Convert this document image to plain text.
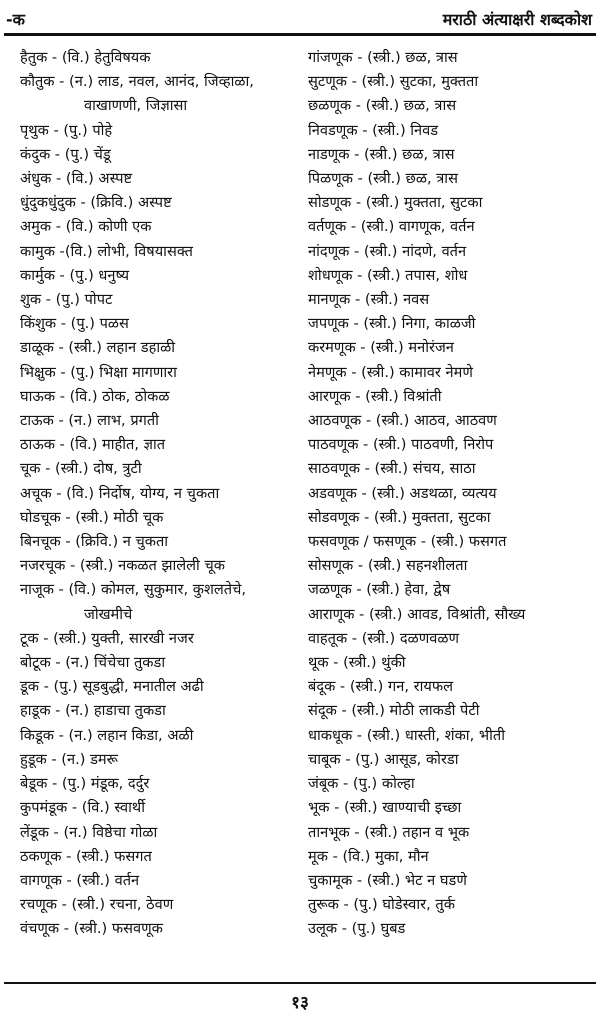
-क	मराठी अंत्याक्षरी शब्दकोश

हैतुक - (वि.) हेतुविषयक

कौतुक - (न.) लाड, नवल, आनंद, जिव्हाळा,
वाखाणणी, जिज्ञासा

पृथुक - (पु.) पोहे

कंदुक - (पु.) चेंडू

अंधुक - (वि.) अस्पष्ट

धुंदुकधुंदुक - (क्रिवि.) अस्पष्ट

अमुक - (वि.) कोणी एक

कामुक -(वि.) लोभी, विषयासक्त

कार्मुक - (पु.) धनुष्य

शुक - (पु.) पोपट

किंशुक - (पु.) पळस

डाळूक - (स्त्री.) लहान डहाळी

भिक्षुक - (पु.) भिक्षा मागणारा

घाऊक - (वि.) ठोक, ठोकळ

टाऊक - (न.) लाभ, प्रगती

ठाऊक - (वि.) माहीत, ज्ञात

चूक - (स्त्री.) दोष, त्रुटी

अचूक - (वि.) निर्दोष, योग्य, न चुकता

घोडचूक - (स्त्री.) मोठी चूक

बिनचूक - (क्रिवि.) न चुकता

नजरचूक - (स्त्री.) नकळत झालेली चूक

नाजूक - (वि.) कोमल, सुकुमार, कुशलतेचे,
जोखमीचे

टूक - (स्त्री.) युक्ती, सारखी नजर

बोटूक - (न.) चिंचेचा तुकडा

डूक - (पु.) सूडबुद्धी, मनातील अढी

हाडूक - (न.) हाडाचा तुकडा

किडूक - (न.) लहान किडा, अळी

हुडूक - (न.) डमरू

बेडूक - (पु.) मंडूक, दर्दुर

कुपमंडूक - (वि.) स्वार्थी

लेंडूक - (न.) विष्ठेचा गोळा

ठकणूक - (स्त्री.) फसगत

वागणूक - (स्त्री.) वर्तन

रचणूक - (स्त्री.) रचना, ठेवण

वंचणूक - (स्त्री.) फसवणूक

गांजणूक - (स्त्री.) छळ, त्रास

सुटणूक - (स्त्री.) सुटका, मुक्तता

छळणूक - (स्त्री.) छळ, त्रास

निवडणूक - (स्त्री.) निवड

नाडणूक - (स्त्री.) छळ, त्रास

पिळणूक - (स्त्री.) छळ, त्रास

सोडणूक - (स्त्री.) मुक्तता, सुटका

वर्तणूक - (स्त्री.) वागणूक, वर्तन

नांदणूक - (स्त्री.) नांदणे, वर्तन

शोधणूक - (स्त्री.) तपास, शोध

मानणूक - (स्त्री.) नवस

जपणूक - (स्त्री.) निगा, काळजी

करमणूक - (स्त्री.) मनोरंजन

नेमणूक - (स्त्री.) कामावर नेमणे

आरणूक - (स्त्री.) विश्रांती

आठवणूक - (स्त्री.) आठव, आठवण

पाठवणूक - (स्त्री.) पाठवणी, निरोप

साठवणूक - (स्त्री.) संचय, साठा

अडवणूक - (स्त्री.) अडथळा, व्यत्यय

सोडवणूक - (स्त्री.) मुक्तता, सुटका

फसवणूक / फसणूक - (स्त्री.) फसगत

सोसणूक - (स्त्री.) सहनशीलता

जळणूक - (स्त्री.) हेवा, द्वेष

आराणूक - (स्त्री.) आवड, विश्रांती, सौख्य

वाहतूक - (स्त्री.) दळणवळण

थूक - (स्त्री.) थुंकी

बंदूक - (स्त्री.) गन, रायफल

संदूक - (स्त्री.) मोठी लाकडी पेटी

धाकधूक - (स्त्री.) धास्ती, शंका, भीती

चाबूक - (पु.) आसूड, कोरडा

जंबूक - (पु.) कोल्हा

भूक - (स्त्री.) खाण्याची इच्छा

तानभूक - (स्त्री.) तहान व भूक

मूक - (वि.) मुका, मौन

चुकामूक - (स्त्री.) भेट न घडणे

तुरूक - (पु.) घोडेस्वार, तुर्क

उलूक - (पु.) घुबड

१३
